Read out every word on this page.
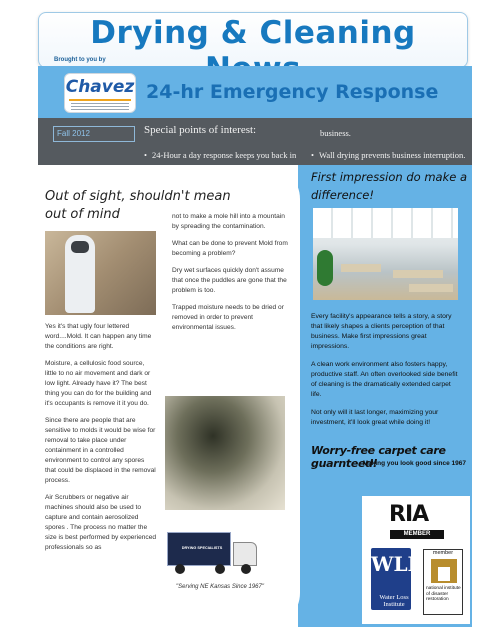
Drying & Cleaning
Brought to you by
Chavez 24-hr Emergency Response
Fall 2012	Special points of interest:
• 24-Hour a day response keeps you back in
business.
• Wall drying prevents business interruption.
Out of sight, shouldn't mean out of mind

Yes it's that ugly four lettered word....Mold. It can happen any time the conditions are right.

Moisture, a cellulosic food source, little to no air movement and dark or low light. Already have it? The best thing you can do for the building and it's occupants is remove it it you do.

Since there are people that are sensitive to molds it would be wise for removal to take place under containment in a controlled environment to control any spores that could be displaced in the removal process.

Air Scrubbers or negative air machines should also be used to capture and contain aerosolized spores . The process no matter the size is best performed by experienced professionals so as

not to make a mole hill into a mountain by spreading the contamination.

What can be done to prevent Mold from becoming a problem?

Dry wet surfaces quickly don't assume that once the puddles are gone that the problem is too.

Trapped moisture needs to be dried or removed in order to prevent environmental issues.

DRYING SPECIALISTS
"Serving NE Kansas Since 1967"
First impression do make a difference!

Every facility's appearance tells a story, a story that likely shapes a clients perception of that business. Make first impressions great impressions.

A clean work environment also fosters happy, productive staff. An often overlooked side benefit of cleaning is the dramatically extended carpet life.

Not only will it last longer, maximizing your investment, it'll look great while doing it!

Worry-free carpet care guarnteed!
Making you look good since 1967
RIA
MEMBER
WLI
Water Loss Institute
member
national institute of disaster restoration
